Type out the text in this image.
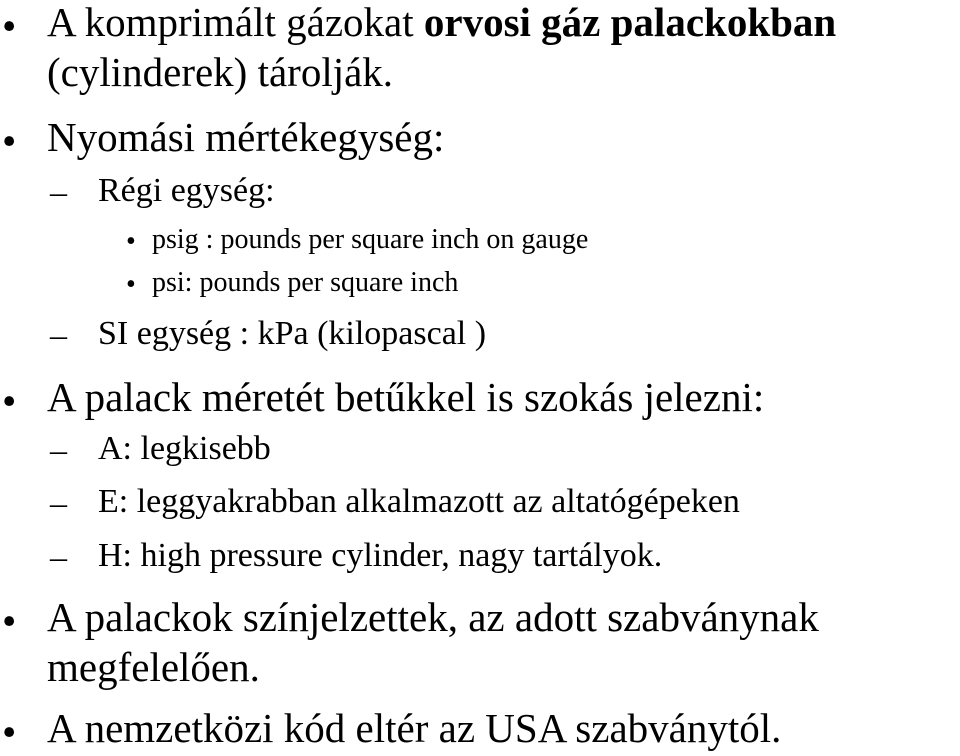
• A komprimált gázokat orvosi gáz palackokban
(cylinderek) tárolják.
• Nyomási mértékegység:
– Régi egység:
• psig : pounds per square inch on gauge
• psi: pounds per square inch
– SI egység : kPa (kilopascal )
• A palack méretét betűkkel is szokás jelezni:
– A: legkisebb
– E: leggyakrabban alkalmazott az altatógépeken
– H: high pressure cylinder, nagy tartályok.
• A palackok színjelzettek, az adott szabványnak
megfelelően.
• A nemzetközi kód eltér az USA szabványtól.
